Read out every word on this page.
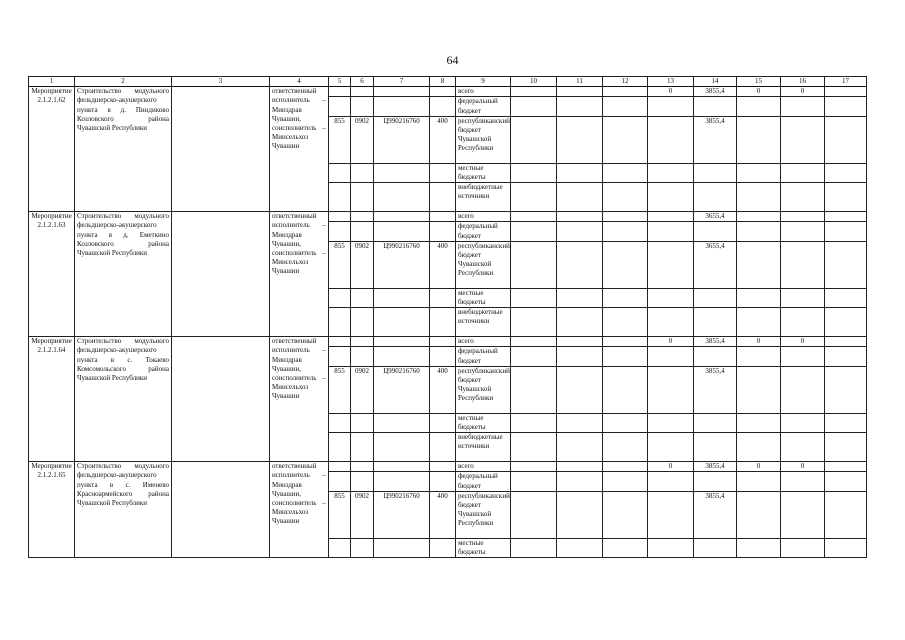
64
1	2	3	4	5	6	7	8	9	10	11	12	13	14	15	16	17
Мероприятие 2.1.2.1.62	Строительство модульного фельдшерско-акушерского пункта в д. Пиндиково Козловского района Чувашской Республики		ответственный исполнитель – Минздрав Чувашии, соисполнитель – Минсельхоз Чувашии					всего				0	3855,4	0	0	
								федеральный бюджет								
				855	0902	Ц990216760	400	республиканский бюджет Чувашской Республики					3855,4			
								местные бюджеты								
								внебюджетные источники								
Мероприятие 2.1.2.1.63	Строительство модульного фельдшерско-акушерского пункта в д. Еметкино Козловского района Чувашской Республики		ответственный исполнитель – Минздрав Чувашии, соисполнитель – Минсельхоз Чувашии					всего					3655,4			
								федеральный бюджет								
				855	0902	Ц990216760	400	республиканский бюджет Чувашской Республики					3655,4			
								местные бюджеты								
								внебюджетные источники								
Мероприятие 2.1.2.1.64	Строительство модульного фельдшерско-акушерского пункта в с. Токаево Комсомольского района Чувашской Республики		ответственный исполнитель – Минздрав Чувашии, соисполнитель – Минсельхоз Чувашии					всего				0	3855,4	0	0	
								федеральный бюджет								
				855	0902	Ц990216760	400	республиканский бюджет Чувашской Республики					3855,4			
								местные бюджеты								
								внебюджетные источники								
Мероприятие 2.1.2.1.65	Строительство модульного фельдшерско-акушерского пункта в с. Именево Красноармейского района Чувашской Республики		ответственный исполнитель – Минздрав Чувашии, соисполнитель – Минсельхоз Чувашии					всего				0	3855,4	0	0	
								федеральный бюджет								
				855	0902	Ц990216760	400	республиканский бюджет Чувашской Республики					3855,4			
								местные бюджеты								
